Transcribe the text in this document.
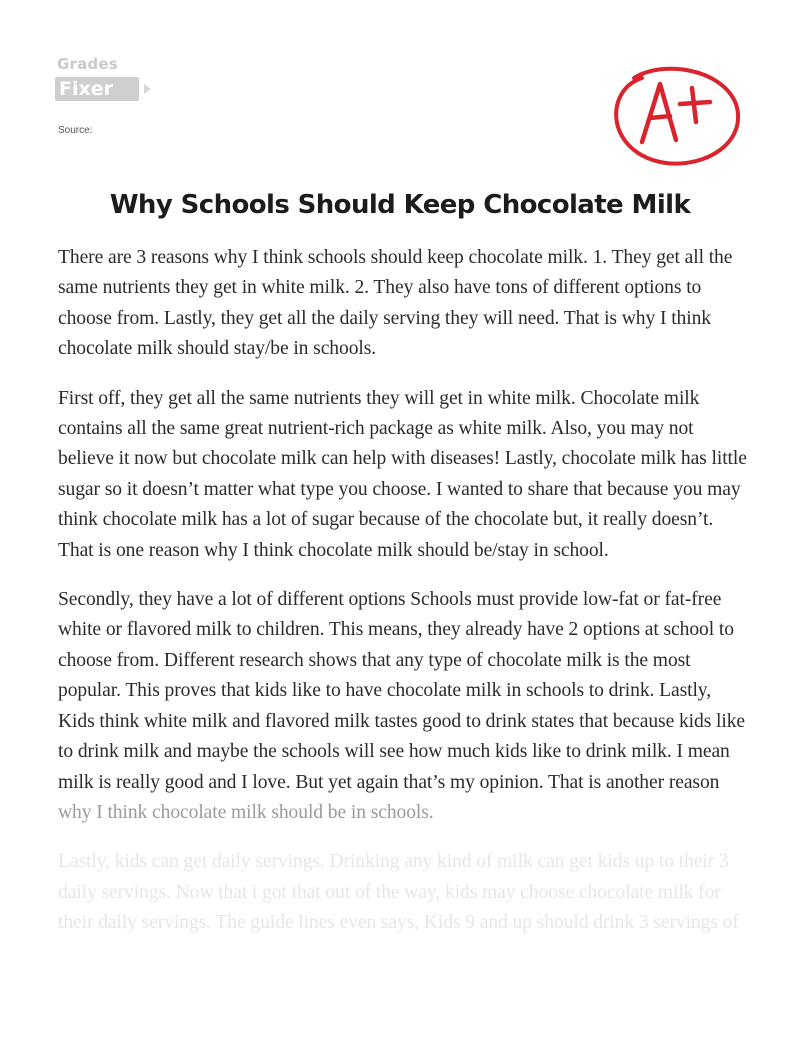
Grades
Fixer
Source:
Why Schools Should Keep Chocolate Milk

There are 3 reasons why I think schools should keep chocolate milk. 1. They get all the same nutrients they get in white milk. 2. They also have tons of different options to choose from. Lastly, they get all the daily serving they will need. That is why I think chocolate milk should stay/be in schools.

First off, they get all the same nutrients they will get in white milk. Chocolate milk contains all the same great nutrient-rich package as white milk. Also, you may not believe it now but chocolate milk can help with diseases! Lastly, chocolate milk has little sugar so it doesn’t matter what type you choose. I wanted to share that because you may think chocolate milk has a lot of sugar because of the chocolate but, it really doesn’t. That is one reason why I think chocolate milk should be/stay in school.

Secondly, they have a lot of different options Schools must provide low-fat or fat-free white or flavored milk to children. This means, they already have 2 options at school to choose from. Different research shows that any type of chocolate milk is the most popular. This proves that kids like to have chocolate milk in schools to drink. Lastly, Kids think white milk and flavored milk tastes good to drink states that because kids like to drink milk and maybe the schools will see how much kids like to drink milk. I mean milk is really good and I love. But yet again that’s my opinion. That is another reason
why I think chocolate milk should be in schools.

Lastly, kids can get daily servings. Drinking any kind of milk can get kids up to their 3 daily servings. Now that i got that out of the way, kids may choose chocolate milk for their daily servings. The guide lines even says, Kids 9 and up should drink 3 servings of
